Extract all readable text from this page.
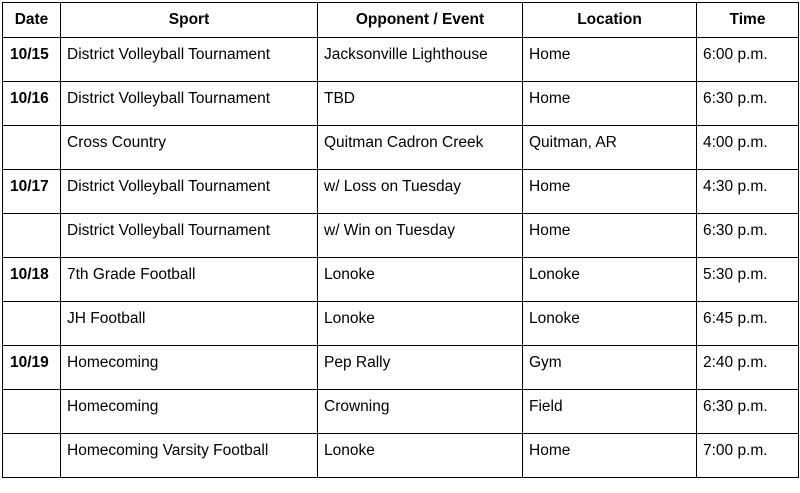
Date	Sport	Opponent / Event	Location	Time
10/15	District Volleyball Tournament	Jacksonville Lighthouse	Home	6:00 p.m.
10/16	District Volleyball Tournament	TBD	Home	6:30 p.m.
	Cross Country	Quitman Cadron Creek	Quitman, AR	4:00 p.m.
10/17	District Volleyball Tournament	w/ Loss on Tuesday	Home	4:30 p.m.
	District Volleyball Tournament	w/ Win on Tuesday	Home	6:30 p.m.
10/18	7th Grade Football	Lonoke	Lonoke	5:30 p.m.
	JH Football	Lonoke	Lonoke	6:45 p.m.
10/19	Homecoming	Pep Rally	Gym	2:40 p.m.
	Homecoming	Crowning	Field	6:30 p.m.
	Homecoming Varsity Football	Lonoke	Home	7:00 p.m.
